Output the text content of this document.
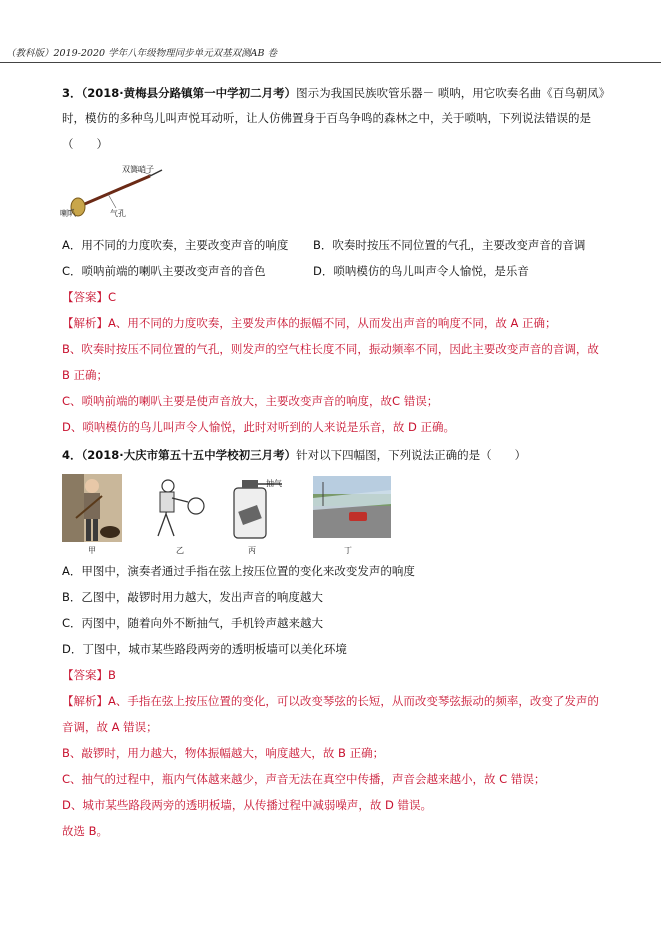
（教科版）2019-2020 学年八年级物理同步单元双基双测AB 卷
3．（2018·黄梅县分路镇第一中学初二月考）图示为我国民族吹管乐器－ 唢呐，用它吹奏名曲《百鸟朝凤》
时，模仿的多种鸟儿叫声悦耳动听，让人仿佛置身于百鸟争鸣的森林之中，关于唢呐，下列说法错误的是
（　　）
双簧哨子
喇叭	气孔
A．用不同的力度吹奏，主要改变声音的响度 B．吹奏时按压不同位置的气孔，主要改变声音的音调
C．唢呐前端的喇叭主要改变声音的音色	D．唢呐模仿的鸟儿叫声令人愉悦，是乐音
【答案】C
【解析】A、用不同的力度吹奏，主要发声体的振幅不同，从而发出声音的响度不同，故 A 正确；
B、吹奏时按压不同位置的气孔，则发声的空气柱长度不同，振动频率不同，因此主要改变声音的音调，故
B 正确；
C、唢呐前端的喇叭主要是使声音放大，主要改变声音的响度，故C 错误；
D、唢呐模仿的鸟儿叫声令人愉悦，此时对听到的人来说是乐音，故 D 正确。
4．（2018·大庆市第五十五中学校初三月考）针对以下四幅图，下列说法正确的是（　　）
甲	乙
抽气
丙	丁
A．甲图中，演奏者通过手指在弦上按压位置的变化来改变发声的响度
B．乙图中，敲锣时用力越大，发出声音的响度越大
C．丙图中，随着向外不断抽气，手机铃声越来越大
D．丁图中，城市某些路段两旁的透明板墙可以美化环境
【答案】B
【解析】A、手指在弦上按压位置的变化，可以改变琴弦的长短，从而改变琴弦振动的频率，改变了发声的
音调，故 A 错误；
B、敲锣时，用力越大，物体振幅越大，响度越大，故 B 正确；
C、抽气的过程中，瓶内气体越来越少，声音无法在真空中传播，声音会越来越小，故 C 错误；
D、城市某些路段两旁的透明板墙，从传播过程中减弱噪声，故 D 错误。
故选 B。
